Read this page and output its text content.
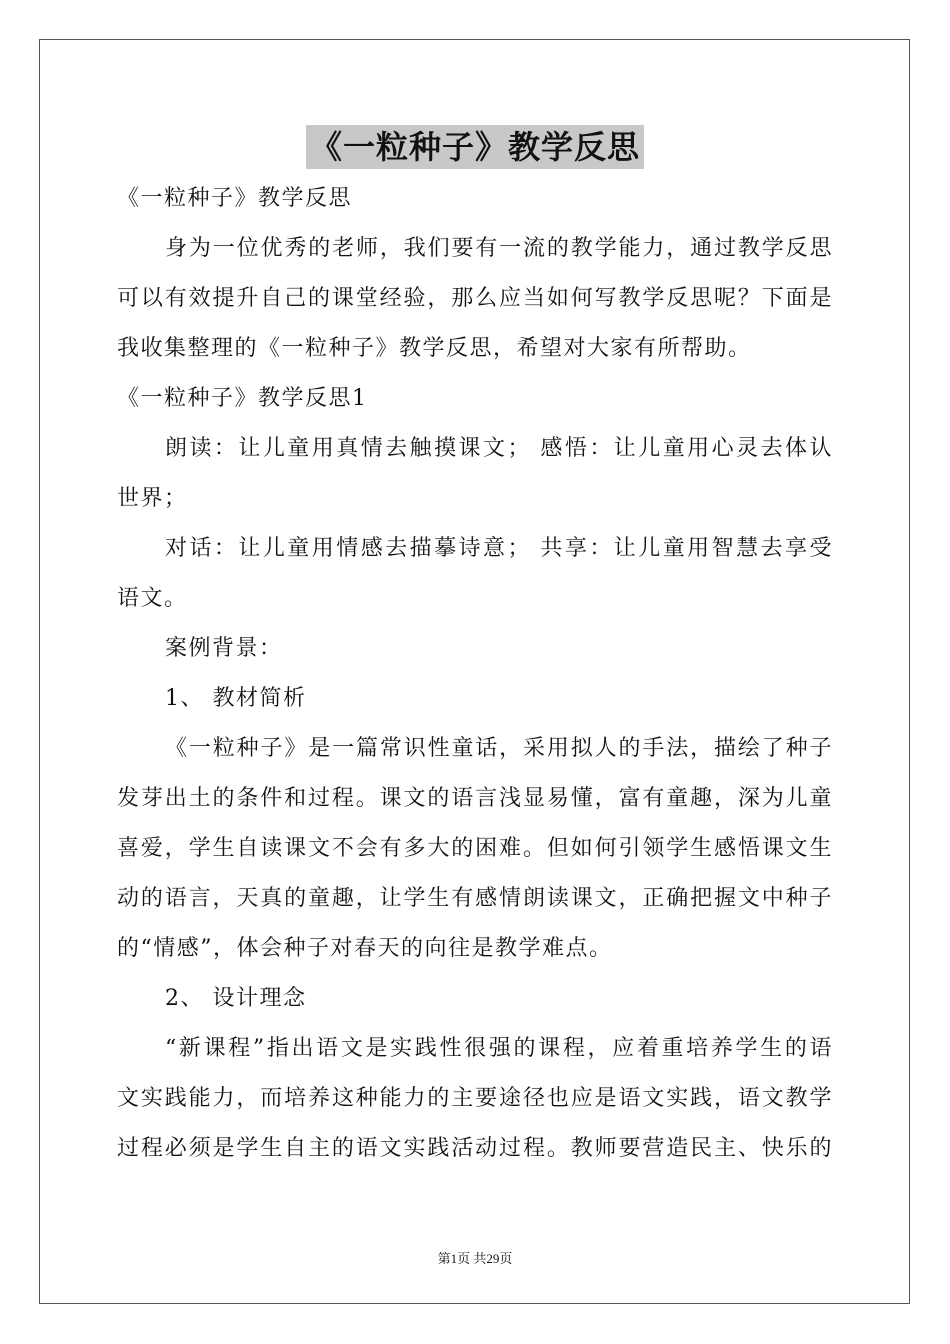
《一粒种子》教学反思
《一粒种子》教学反思
身为一位优秀的老师，我们要有一流的教学能力，通过教学反思
可以有效提升自己的课堂经验，那么应当如何写教学反思呢？下面是
我收集整理的《一粒种子》教学反思，希望对大家有所帮助。
《一粒种子》教学反思1
朗读：让儿童用真情去触摸课文； 感悟：让儿童用心灵去体认
世界；
对话：让儿童用情感去描摹诗意； 共享：让儿童用智慧去享受
语文。
案例背景：
1、 教材简析
《一粒种子》是一篇常识性童话，采用拟人的手法，描绘了种子
发芽出土的条件和过程。课文的语言浅显易懂，富有童趣，深为儿童
喜爱，学生自读课文不会有多大的困难。但如何引领学生感悟课文生
动的语言，天真的童趣，让学生有感情朗读课文，正确把握文中种子
的“情感”，体会种子对春天的向往是教学难点。
2、 设计理念
“新课程”指出语文是实践性很强的课程，应着重培养学生的语
文实践能力，而培养这种能力的主要途径也应是语文实践，语文教学
过程必须是学生自主的语文实践活动过程。教师要营造民主、快乐的
第1页 共29页
